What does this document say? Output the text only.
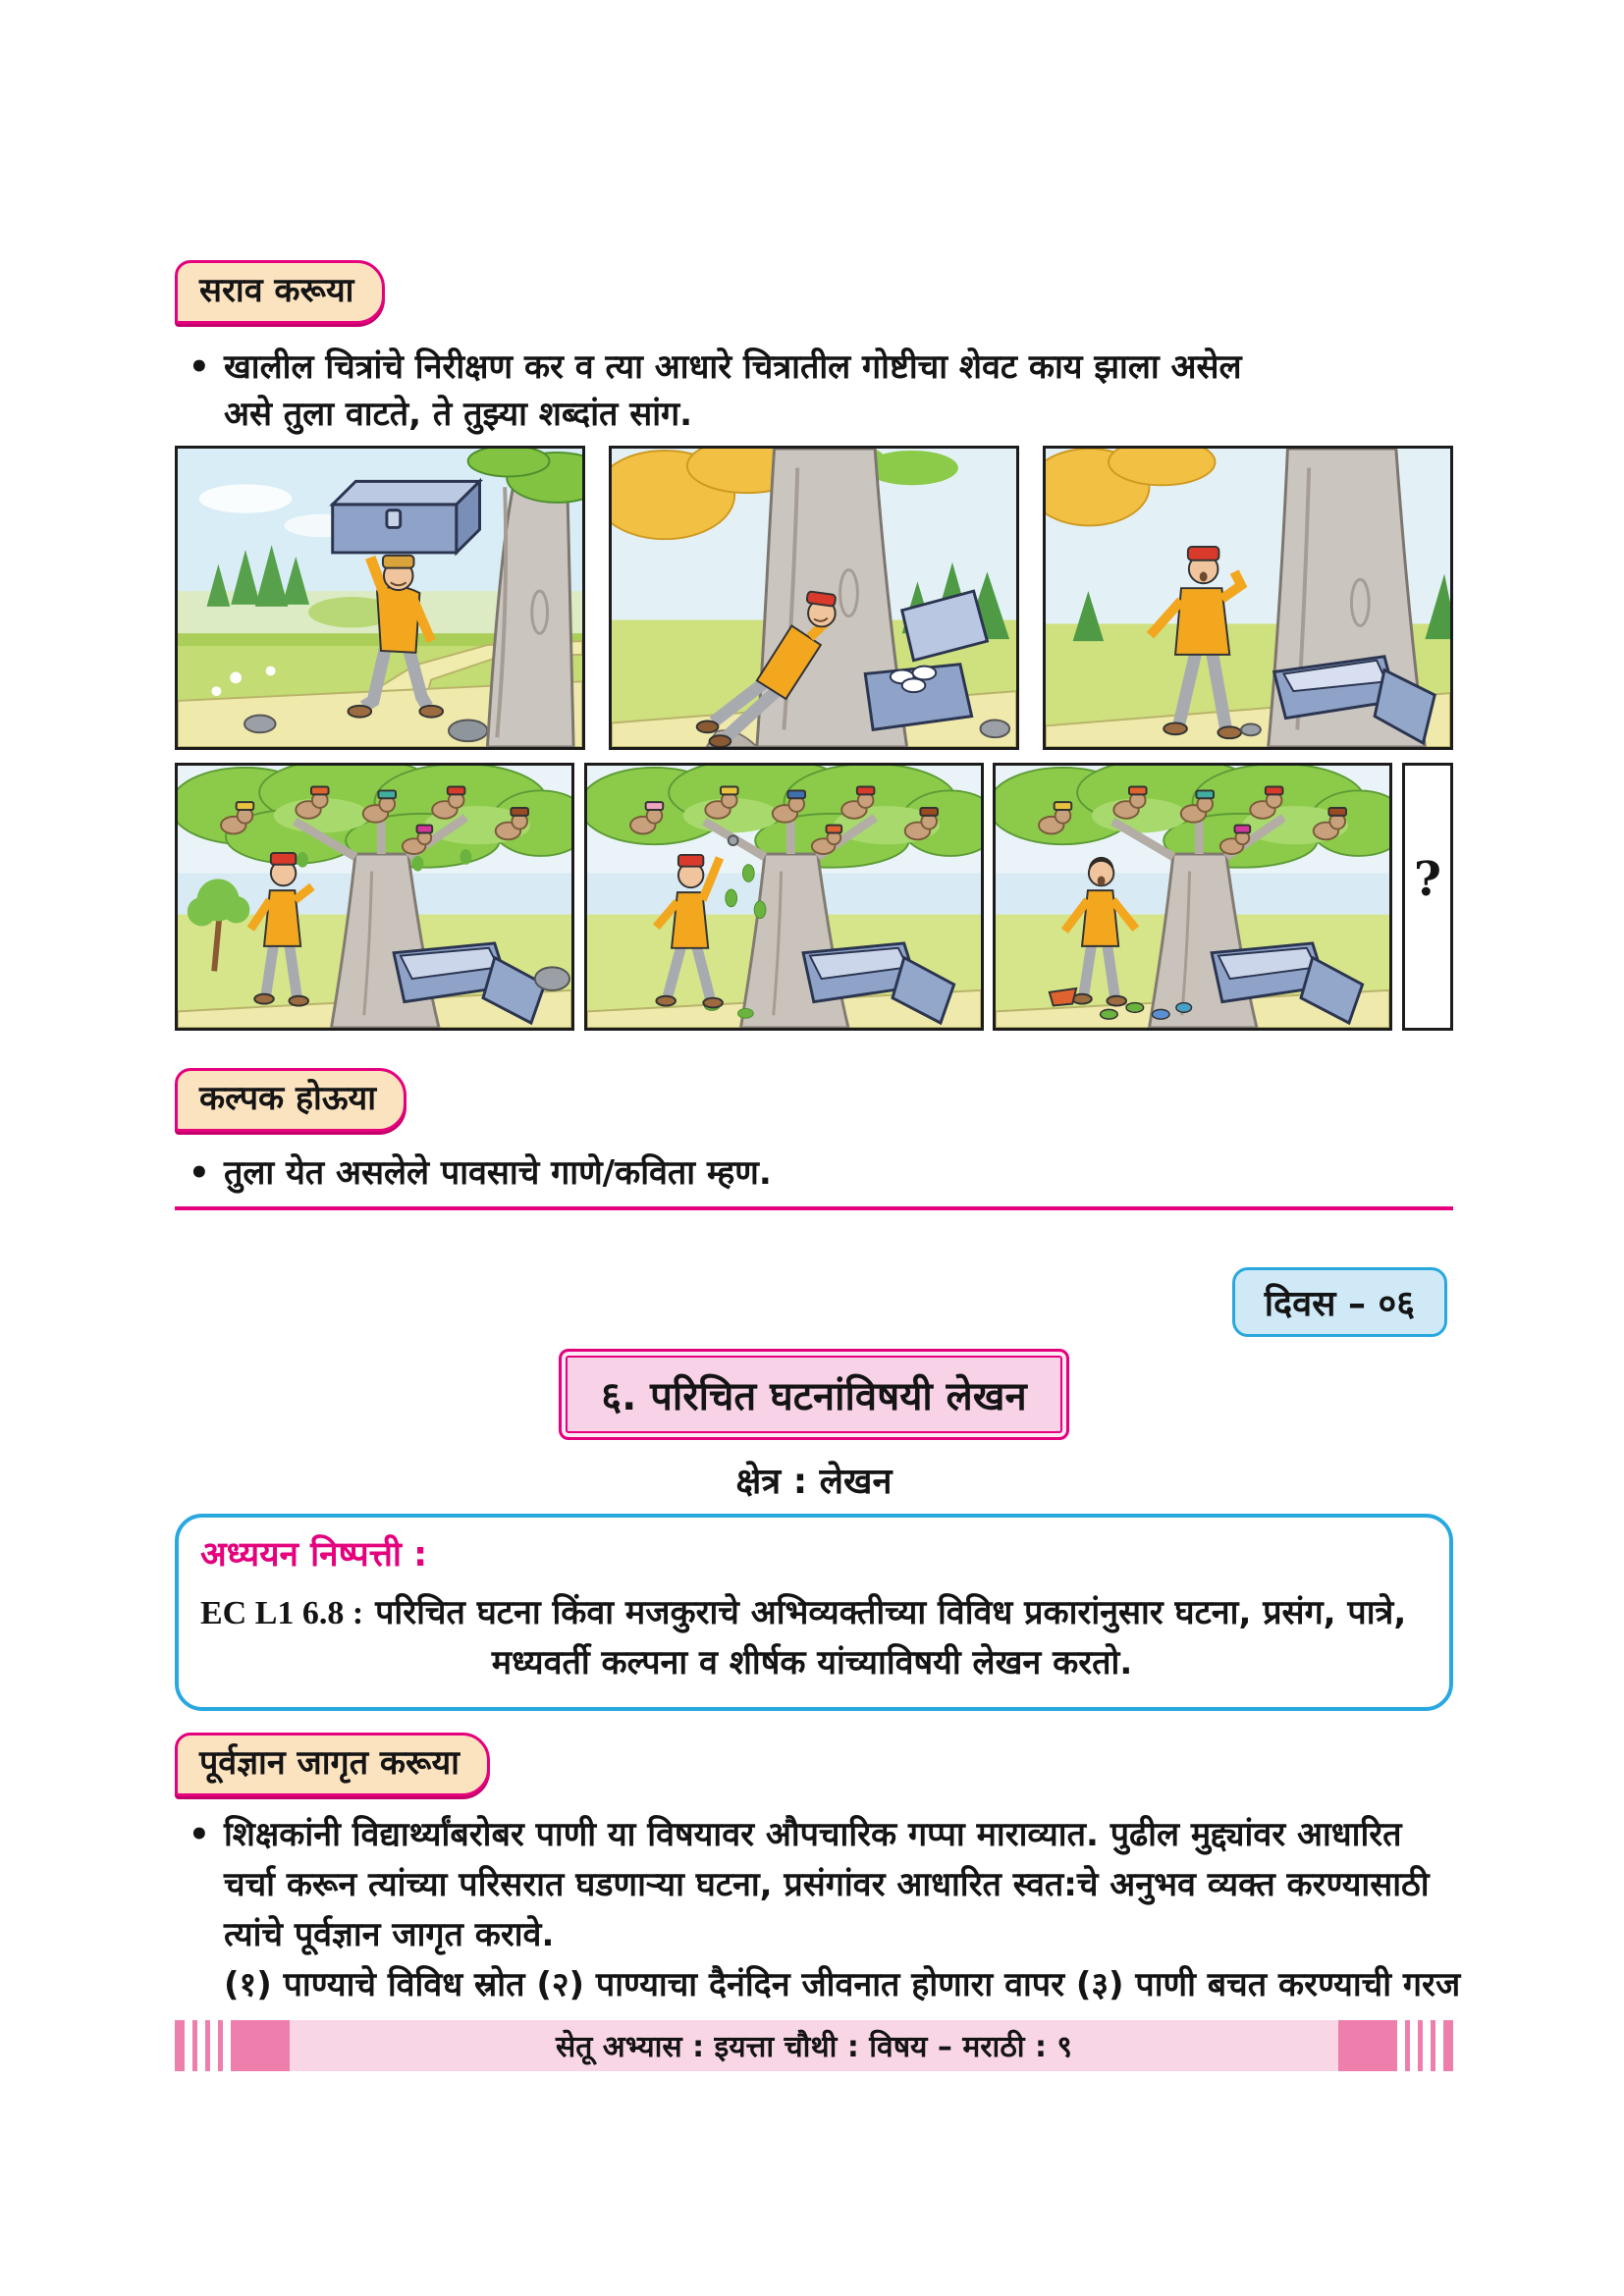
सराव करूया
• खालील चित्रांचे निरीक्षण कर व त्या आधारे चित्रातील गोष्टीचा शेवट काय झाला असेल
असे तुला वाटते, ते तुझ्या शब्दांत सांग.
?
कल्पक होऊया
• तुला येत असलेले पावसाचे गाणे/कविता म्हण.
दिवस – ०६
६. परिचित घटनांविषयी लेखन
क्षेत्र : लेखन
अध्ययन निष्पत्ती :
EC L1 6.8 : परिचित घटना किंवा मजकुराचे अभिव्यक्तीच्या विविध प्रकारांनुसार घटना, प्रसंग, पात्रे,
मध्यवर्ती कल्पना व शीर्षक यांच्याविषयी लेखन करतो.
पूर्वज्ञान जागृत करूया
• शिक्षकांनी विद्यार्थ्यांबरोबर पाणी या विषयावर औपचारिक गप्पा माराव्यात. पुढील मुद्द्यांवर आधारित
चर्चा करून त्यांच्या परिसरात घडणाऱ्या घटना, प्रसंगांवर आधारित स्वत:चे अनुभव व्यक्त करण्यासाठी
त्यांचे पूर्वज्ञान जागृत करावे.
(१) पाण्याचे विविध स्रोत (२) पाण्याचा दैनंदिन जीवनात होणारा वापर (३) पाणी बचत करण्याची गरज
सेतू अभ्यास : इयत्ता चौथी : विषय – मराठी : ९
